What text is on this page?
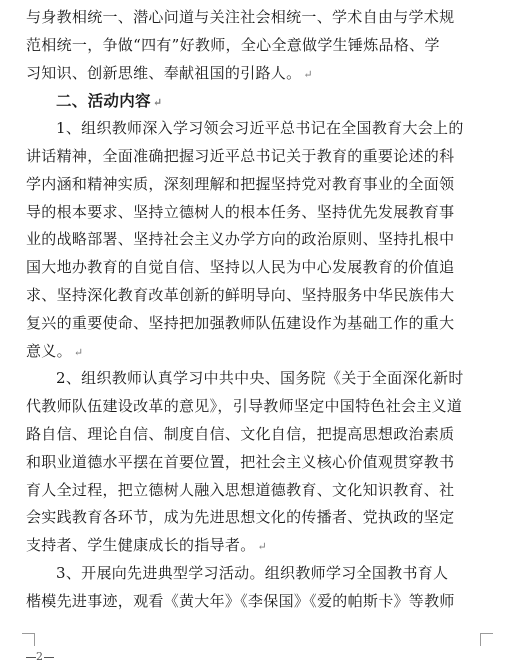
与身教相统一、潜心问道与关注社会相统一、学术自由与学术规
范相统一，争做“四有”好教师，全心全意做学生锤炼品格、学
习知识、创新思维、奉献祖国的引路人。 ↵
二、活动内容 ↵
1、组织教师深入学习领会习近平总书记在全国教育大会上的
讲话精神，全面准确把握习近平总书记关于教育的重要论述的科
学内涵和精神实质，深刻理解和把握坚持党对教育事业的全面领
导的根本要求、坚持立德树人的根本任务、坚持优先发展教育事
业的战略部署、坚持社会主义办学方向的政治原则、坚持扎根中
国大地办教育的自觉自信、坚持以人民为中心发展教育的价值追
求、坚持深化教育改革创新的鲜明导向、坚持服务中华民族伟大
复兴的重要使命、坚持把加强教师队伍建设作为基础工作的重大
意义。 ↵
2、组织教师认真学习中共中央、国务院《关于全面深化新时
代教师队伍建设改革的意见》，引导教师坚定中国特色社会主义道
路自信、理论自信、制度自信、文化自信，把提高思想政治素质
和职业道德水平摆在首要位置，把社会主义核心价值观贯穿教书
育人全过程，把立德树人融入思想道德教育、文化知识教育、社
会实践教育各环节，成为先进思想文化的传播者、党执政的坚定
支持者、学生健康成长的指导者。 ↵
3、开展向先进典型学习活动。组织教师学习全国教书育人
楷模先进事迹，观看《黄大年》《李保国》《爱的帕斯卡》等教师
2
